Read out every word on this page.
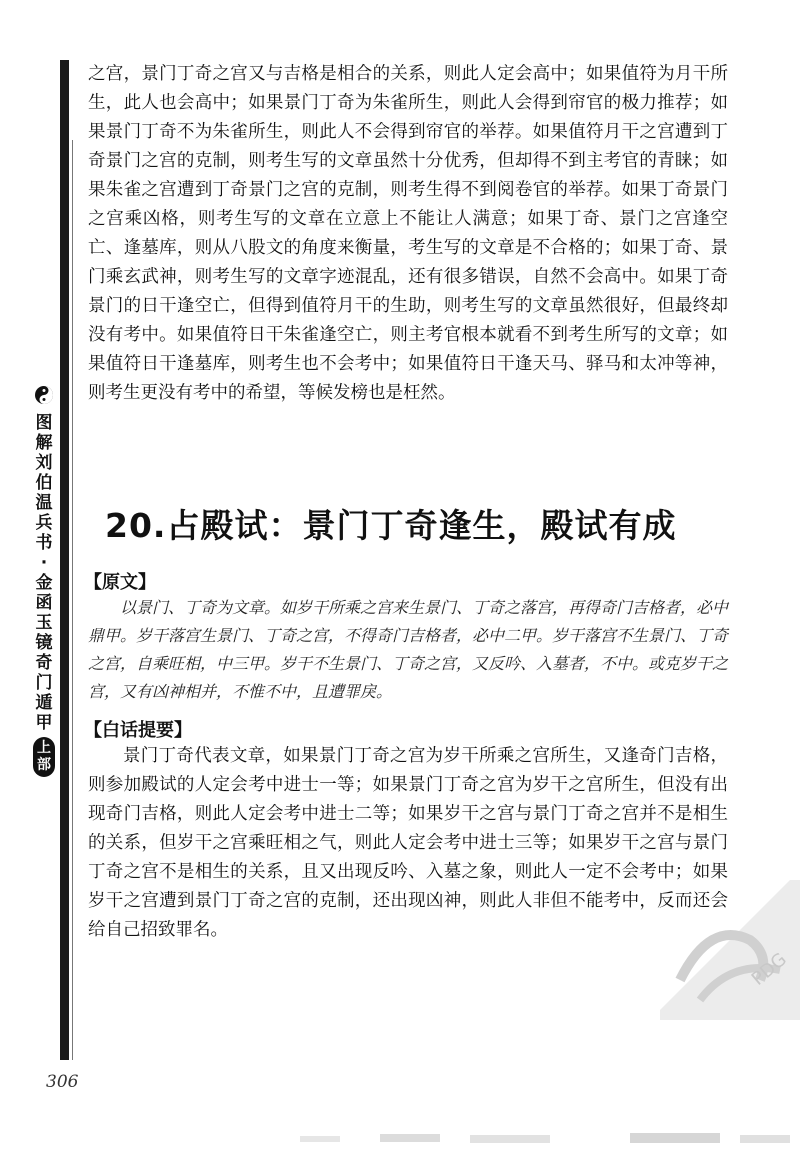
图解刘伯温兵书·金函玉镜奇门遁甲
上部

之宫，景门丁奇之宫又与吉格是相合的关系，则此人定会高中；如果值符为月干所生，此人也会高中；如果景门丁奇为朱雀所生，则此人会得到帘官的极力推荐；如果景门丁奇不为朱雀所生，则此人不会得到帘官的举荐。如果值符月干之宫遭到丁奇景门之宫的克制，则考生写的文章虽然十分优秀，但却得不到主考官的青睐；如果朱雀之宫遭到丁奇景门之宫的克制，则考生得不到阅卷官的举荐。如果丁奇景门之宫乘凶格，则考生写的文章在立意上不能让人满意；如果丁奇、景门之宫逢空亡、逢墓库，则从八股文的角度来衡量，考生写的文章是不合格的；如果丁奇、景门乘玄武神，则考生写的文章字迹混乱，还有很多错误，自然不会高中。如果丁奇景门的日干逢空亡，但得到值符月干的生助，则考生写的文章虽然很好，但最终却没有考中。如果值符日干朱雀逢空亡，则主考官根本就看不到考生所写的文章；如果值符日干逢墓库，则考生也不会考中；如果值符日干逢天马、驿马和太冲等神，则考生更没有考中的希望，等候发榜也是枉然。

20.占殿试：景门丁奇逢生，殿试有成
【原文】

以景门、丁奇为文章。如岁干所乘之宫来生景门、丁奇之落宫，再得奇门吉格者，必中鼎甲。岁干落宫生景门、丁奇之宫，不得奇门吉格者，必中二甲。岁干落宫不生景门、丁奇之宫，自乘旺相，中三甲。岁干不生景门、丁奇之宫，又反吟、入墓者，不中。或克岁干之宫，又有凶神相并，不惟不中，且遭罪戾。

【白话提要】

景门丁奇代表文章，如果景门丁奇之宫为岁干所乘之宫所生，又逢奇门吉格，则参加殿试的人定会考中进士一等；如果景门丁奇之宫为岁干之宫所生，但没有出现奇门吉格，则此人定会考中进士二等；如果岁干之宫与景门丁奇之宫并不是相生的关系，但岁干之宫乘旺相之气，则此人定会考中进士三等；如果岁干之宫与景门丁奇之宫不是相生的关系，且又出现反吟、入墓之象，则此人一定不会考中；如果岁干之宫遭到景门丁奇之宫的克制，还出现凶神，则此人非但不能考中，反而还会给自己招致罪名。

306
PDG
